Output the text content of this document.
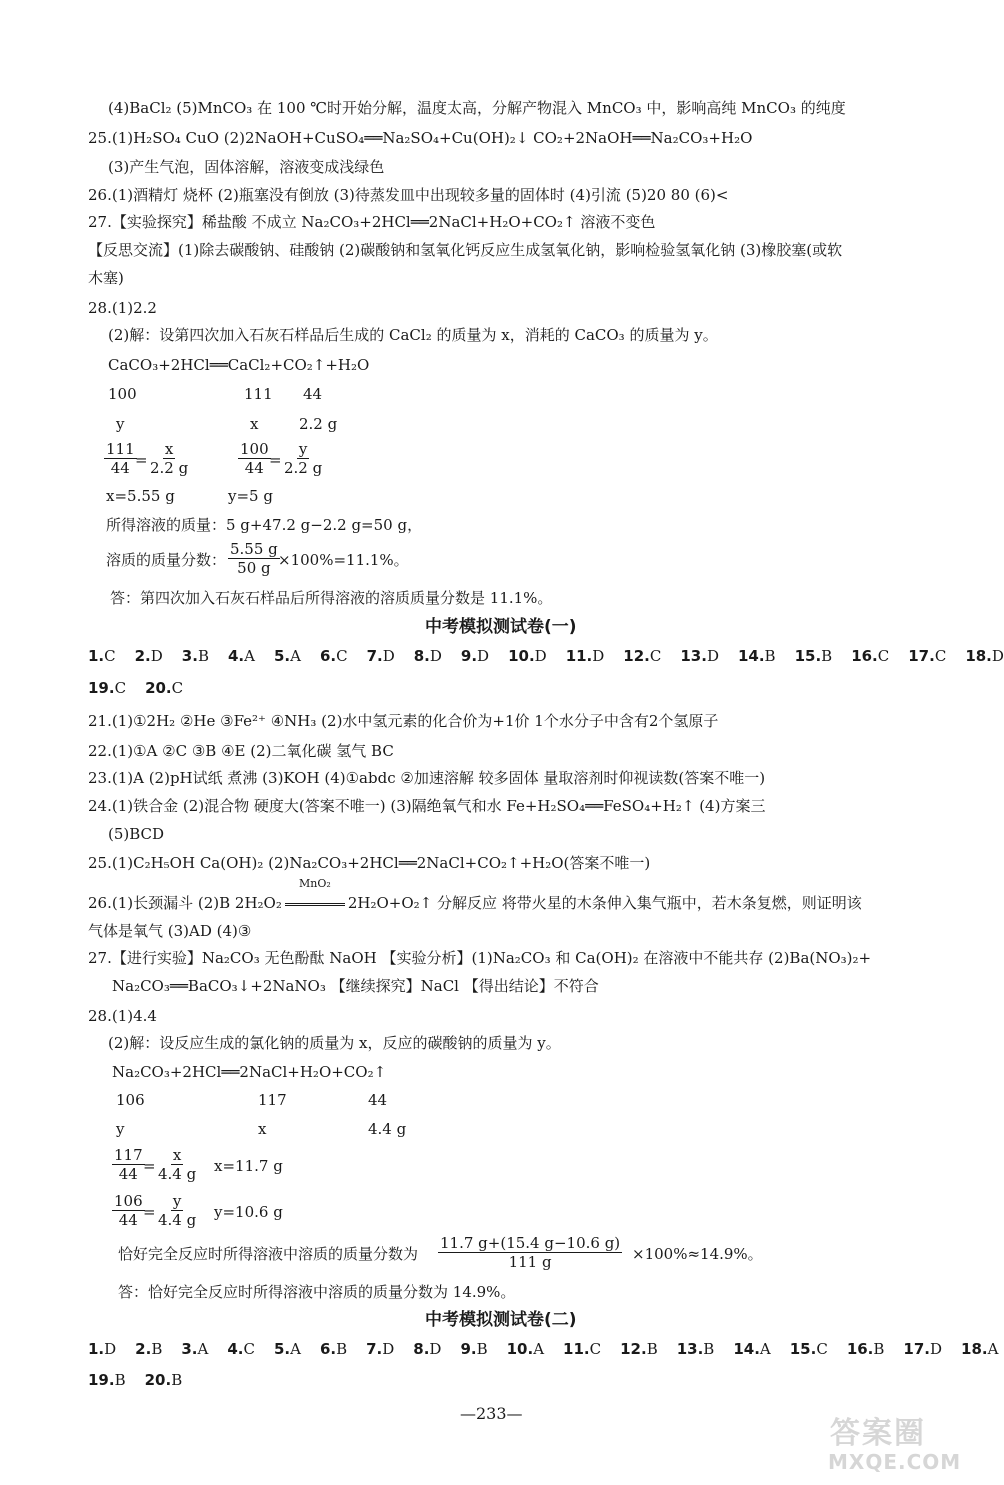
(4)BaCl₂ (5)MnCO₃ 在 100 ℃时开始分解，温度太高，分解产物混入 MnCO₃ 中，影响高纯 MnCO₃ 的纯度
25.(1)H₂SO₄ CuO (2)2NaOH+CuSO₄══Na₂SO₄+Cu(OH)₂↓ CO₂+2NaOH══Na₂CO₃+H₂O
(3)产生气泡，固体溶解，溶液变成浅绿色
26.(1)酒精灯 烧杯 (2)瓶塞没有倒放 (3)待蒸发皿中出现较多量的固体时 (4)引流 (5)20 80 (6)<
27.【实验探究】稀盐酸 不成立 Na₂CO₃+2HCl══2NaCl+H₂O+CO₂↑ 溶液不变色
【反思交流】(1)除去碳酸钠、硅酸钠 (2)碳酸钠和氢氧化钙反应生成氢氧化钠，影响检验氢氧化钠 (3)橡胶塞(或软
木塞)
28.(1)2.2
(2)解：设第四次加入石灰石样品后生成的 CaCl₂ 的质量为 x，消耗的 CaCO₃ 的质量为 y。
CaCO₃+2HCl══CaCl₂+CO₂↑+H₂O
100	111 44
y	x	2.2 g
$\frac{111}{44}$
= $\frac{x}{2.2 g}$	$\frac{100}{44}$
= $\frac{y}{2.2 g}$
x=5.55 g	y=5 g
所得溶液的质量：5 g+47.2 g−2.2 g=50 g，
溶质的质量分数： $\frac{5.55 g}{50 g}$
×100%=11.1%。
答：第四次加入石灰石样品后所得溶液的溶质质量分数是 11.1%。
中考模拟测试卷(一)
1.C 2.D 3.B 4.A 5.A 6.C 7.D 8.D 9.D 10.D 11.D 12.C 13.D 14.B 15.B 16.C 17.C 18.D
19.C 20.C
21.(1)①2H₂ ②He ③Fe²⁺ ④NH₃ (2)水中氢元素的化合价为+1价 1个水分子中含有2个氢原子
22.(1)①A ②C ③B ④E (2)二氧化碳 氢气 BC
23.(1)A (2)pH试纸 煮沸 (3)KOH (4)①abdc ②加速溶解 较多固体 量取溶剂时仰视读数(答案不唯一)
24.(1)铁合金 (2)混合物 硬度大(答案不唯一) (3)隔绝氧气和水 Fe+H₂SO₄══FeSO₄+H₂↑ (4)方案三
(5)BCD
25.(1)C₂H₅OH Ca(OH)₂ (2)Na₂CO₃+2HCl══2NaCl+CO₂↑+H₂O(答案不唯一)
26.(1)长颈漏斗 (2)B 2H₂O₂
MnO₂
2H₂O+O₂↑ 分解反应 将带火星的木条伸入集气瓶中，若木条复燃，则证明该
气体是氧气 (3)AD (4)③
27.【进行实验】Na₂CO₃ 无色酚酞 NaOH 【实验分析】(1)Na₂CO₃ 和 Ca(OH)₂ 在溶液中不能共存 (2)Ba(NO₃)₂+
Na₂CO₃══BaCO₃↓+2NaNO₃ 【继续探究】NaCl 【得出结论】不符合
28.(1)4.4
(2)解：设反应生成的氯化钠的质量为 x，反应的碳酸钠的质量为 y。
Na₂CO₃+2HCl══2NaCl+H₂O+CO₂↑
106	117	44
y	x	4.4 g
$\frac{117}{44}$
= $\frac{x}{4.4 g} x=11.7$ g
$\frac{106}{44}$
= $\frac{y}{4.4 g} y=10.6$ g
恰好完全反应时所得溶液中溶质的质量分数为 $\frac{11.7 g+(15.4 g-10.6 g)}{111 g} \times 100\%\approx 14.9\%$。
答：恰好完全反应时所得溶液中溶质的质量分数为 14.9%。
中考模拟测试卷(二)
1.D 2.B 3.A 4.C 5.A 6.B 7.D 8.D 9.B 10.A 11.C 12.B 13.B 14.A 15.C 16.B 17.D 18.A
19.B 20.B
—233—
答案圈
MXQE.COM
